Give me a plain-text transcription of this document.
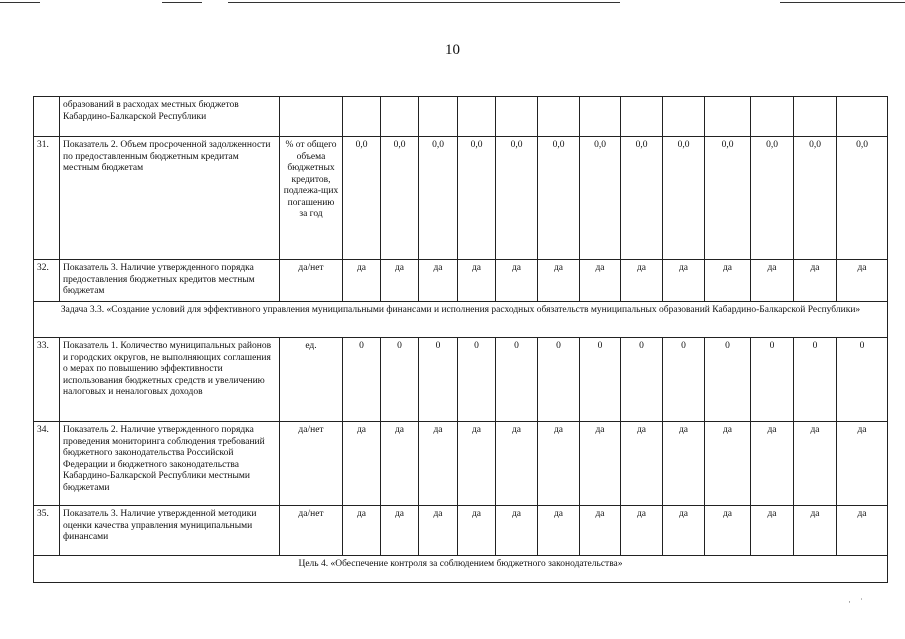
10
	образований в расходах местных бюджетов Кабардино-Балкарской Республики														
31.	Показатель 2. Объем просроченной задолженности по предоставленным бюджетным кредитам местным бюджетам	% от общего объема бюджетных кредитов, подлежа-щих погашению за год	0,0	0,0	0,0	0,0	0,0	0,0	0,0	0,0	0,0	0,0	0,0	0,0	0,0
32.	Показатель 3. Наличие утвержденного порядка предоставления бюджетных кредитов местным бюджетам	да/нет	да	да	да	да	да	да	да	да	да	да	да	да	да
Задача 3.3. «Создание условий для эффективного управления муниципальными финансами и исполнения расходных обязательств муниципальных образований Кабардино-Балкарской Республики»															
33.	Показатель 1. Количество муниципальных районов и городских округов, не выполняющих соглашения о мерах по повышению эффективности использования бюджетных средств и увеличению налоговых и неналоговых доходов	ед.	0	0	0	0	0	0	0	0	0	0	0	0	0
34.	Показатель 2. Наличие утвержденного порядка проведения мониторинга соблюдения требований бюджетного законодательства Российской Федерации и бюджетного законодательства Кабардино-Балкарской Республики местными бюджетами	да/нет	да	да	да	да	да	да	да	да	да	да	да	да	да
35.	Показатель 3. Наличие утвержденной методики оценки качества управления муниципальными финансами	да/нет	да	да	да	да	да	да	да	да	да	да	да	да	да
Цель 4. «Обеспечение контроля за соблюдением бюджетного законодательства»															
·    ˙
